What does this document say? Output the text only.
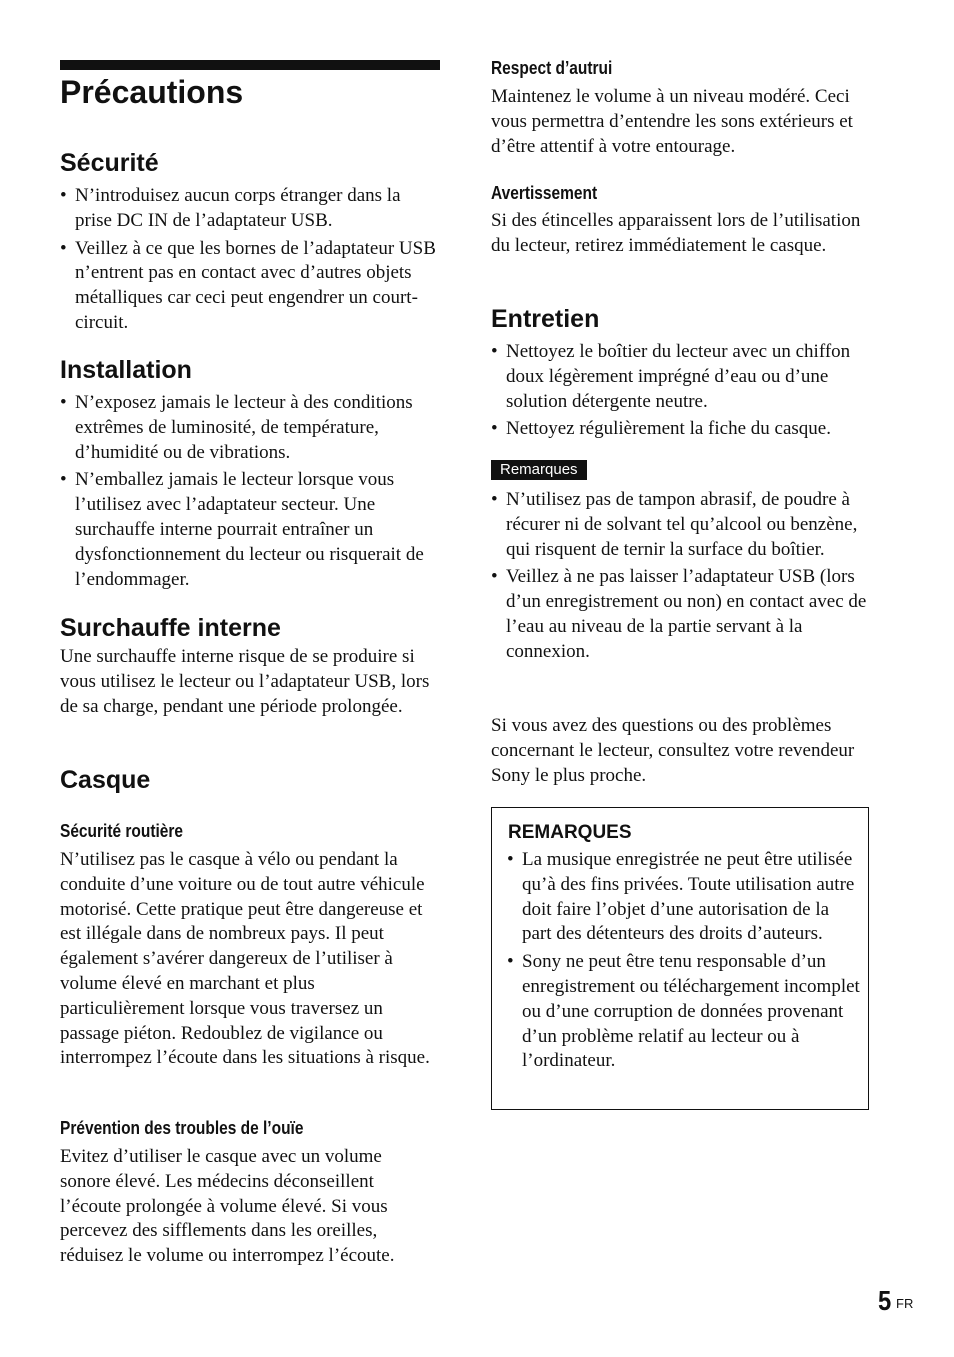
Précautions
Sécurité
• N’introduisez aucun corps étranger dans la prise DC IN de l’adaptateur USB.
• Veillez à ce que les bornes de l’adaptateur USB n’entrent pas en contact avec d’autres objets métalliques car ceci peut engendrer un court-circuit.
Installation
• N’exposez jamais le lecteur à des conditions extrêmes de luminosité, de température, d’humidité ou de vibrations.
• N’emballez jamais le lecteur lorsque vous l’utilisez avec l’adaptateur secteur. Une surchauffe interne pourrait entraîner un dysfonctionnement du lecteur ou risquerait de l’endommager.
Surchauffe interne

Une surchauffe interne risque de se produire si vous utilisez le lecteur ou l’adaptateur USB, lors de sa charge, pendant une période prolongée.

Casque
Sécurité routière

N’utilisez pas le casque à vélo ou pendant la conduite d’une voiture ou de tout autre véhicule motorisé. Cette pratique peut être dangereuse et est illégale dans de nombreux pays. Il peut également s’avérer dangereux de l’utiliser à volume élevé en marchant et plus particulièrement lorsque vous traversez un passage piéton. Redoublez de vigilance ou interrompez l’écoute dans les situations à risque.

Prévention des troubles de l’ouïe

Evitez d’utiliser le casque avec un volume sonore élevé. Les médecins déconseillent l’écoute prolongée à volume élevé. Si vous percevez des sifflements dans les oreilles, réduisez le volume ou interrompez l’écoute.

Respect d’autrui

Maintenez le volume à un niveau modéré. Ceci vous permettra d’entendre les sons extérieurs et d’être attentif à votre entourage.

Avertissement

Si des étincelles apparaissent lors de l’utilisation du lecteur, retirez immédiatement le casque.

Entretien
• Nettoyez le boîtier du lecteur avec un chiffon doux légèrement imprégné d’eau ou d’une solution détergente neutre.
• Nettoyez régulièrement la fiche du casque.
Remarques
• N’utilisez pas de tampon abrasif, de poudre à récurer ni de solvant tel qu’alcool ou benzène, qui risquent de ternir la surface du boîtier.
• Veillez à ne pas laisser l’adaptateur USB (lors d’un enregistrement ou non) en contact avec de l’eau au niveau de la partie servant à la connexion.

Si vous avez des questions ou des problèmes concernant le lecteur, consultez votre revendeur Sony le plus proche.

REMARQUES
• La musique enregistrée ne peut être utilisée qu’à des fins privées. Toute utilisation autre doit faire l’objet d’une autorisation de la part des détenteurs des droits d’auteurs.
• Sony ne peut être tenu responsable d’un enregistrement ou téléchargement incomplet ou d’une corruption de données provenant d’un problème relatif au lecteur ou à l’ordinateur.
5 FR
